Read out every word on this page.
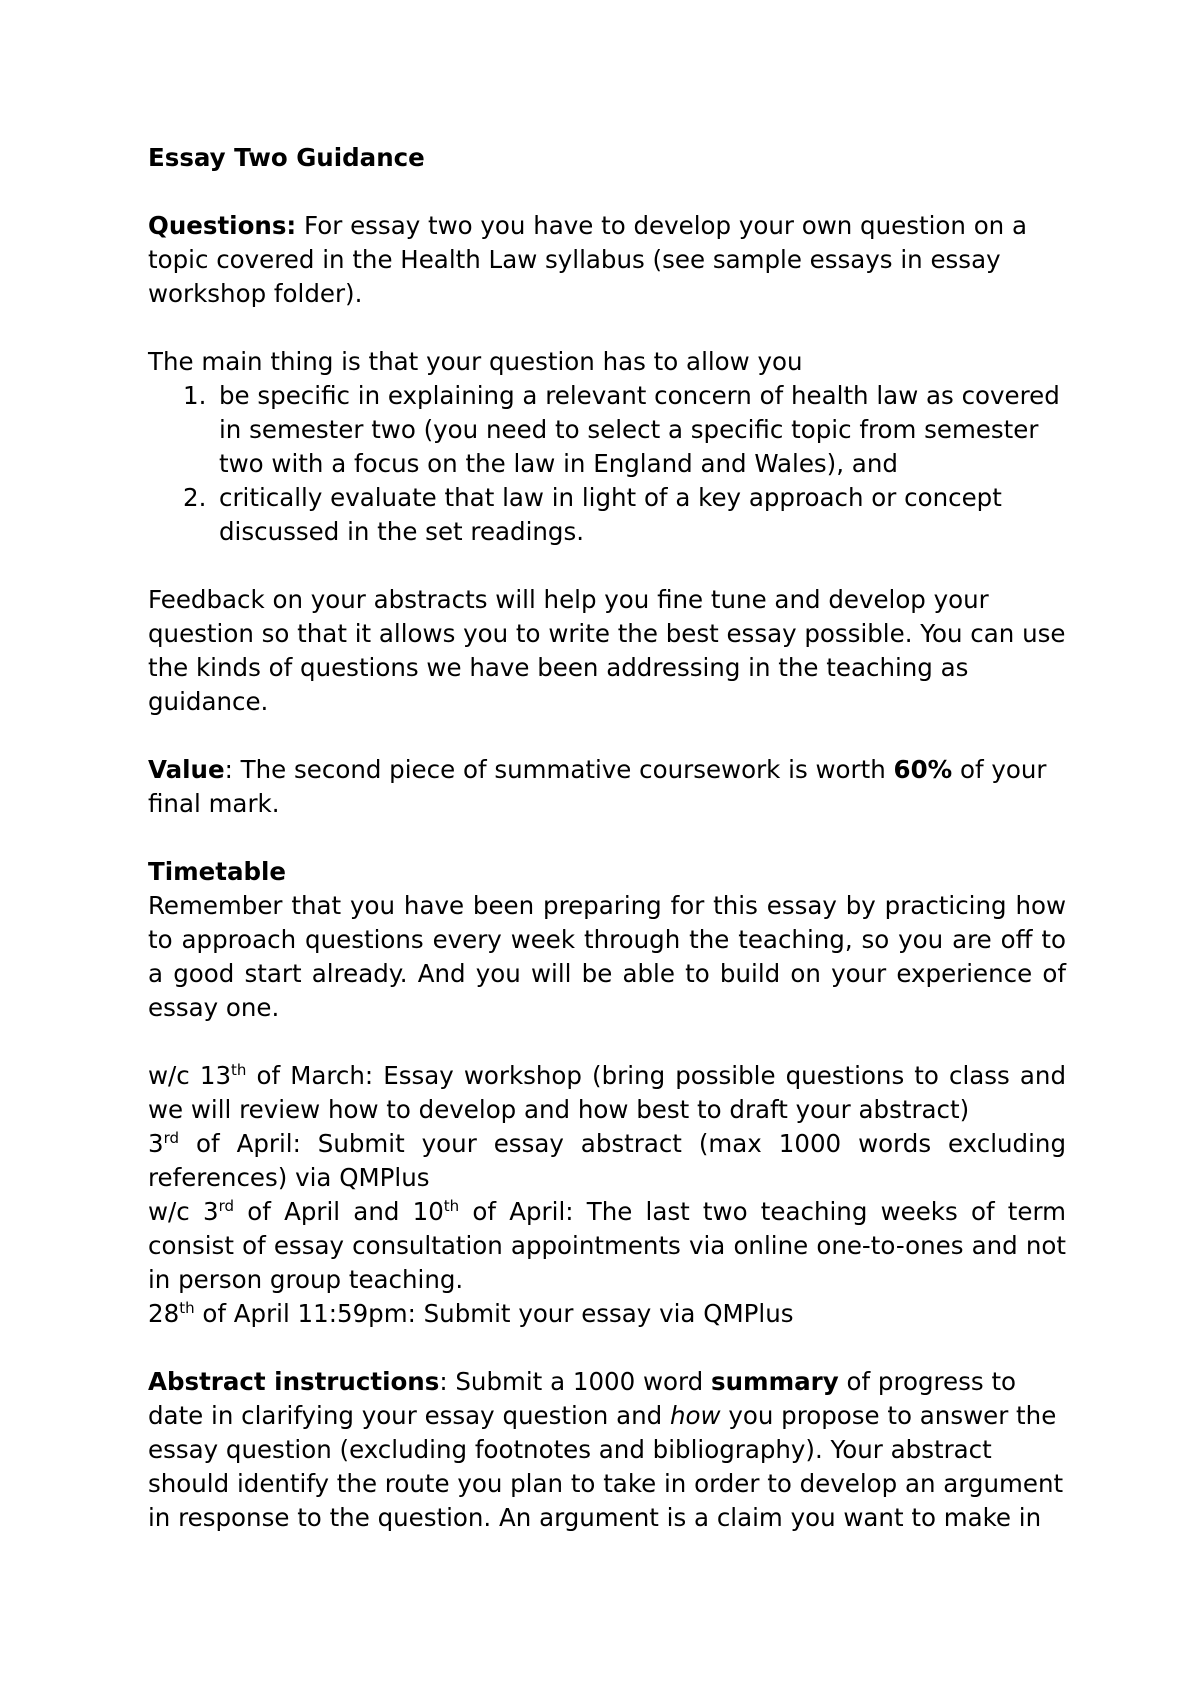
Essay Two Guidance

Questions: For essay two you have to develop your own question on a topic covered in the Health Law syllabus (see sample essays in essay workshop folder).

The main thing is that your question has to allow you

1. be specific in explaining a relevant concern of health law as covered in semester two (you need to select a specific topic from semester two with a focus on the law in England and Wales), and
2. critically evaluate that law in light of a key approach or concept discussed in the set readings.

Feedback on your abstracts will help you fine tune and develop your question so that it allows you to write the best essay possible. You can use the kinds of questions we have been addressing in the teaching as guidance.

Value: The second piece of summative coursework is worth 60% of your final mark.

Timetable

Remember that you have been preparing for this essay by practicing how to approach questions every week through the teaching, so you are off to a good start already. And you will be able to build on your experience of essay one.

w/c 13th of March: Essay workshop (bring possible questions to class and we will review how to develop and how best to draft your abstract)

3rd of April: Submit your essay abstract (max 1000 words excluding references) via QMPlus

w/c 3rd of April and 10th of April: The last two teaching weeks of term consist of essay consultation appointments via online one-to-ones and not in person group teaching.

28th of April 11:59pm: Submit your essay via QMPlus

Abstract instructions: Submit a 1000 word summary of progress to date in clarifying your essay question and how you propose to answer the essay question (excluding footnotes and bibliography). Your abstract should identify the route you plan to take in order to develop an argument in response to the question. An argument is a claim you want to make in
